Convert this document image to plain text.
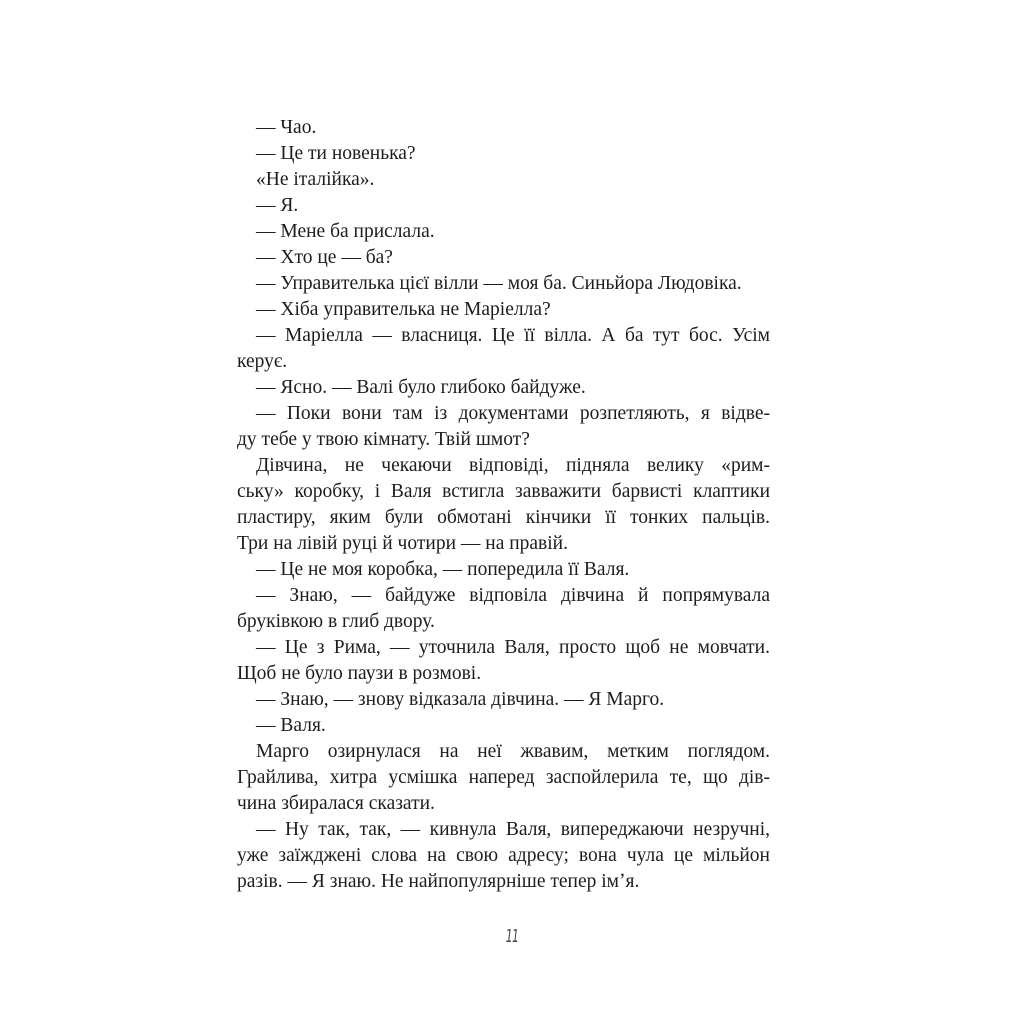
— Чао.
— Це ти новенька?
«Не італійка».
— Я.
— Мене ба прислала.
— Хто це — ба?
— Управителька цієї вілли — моя ба. Синьйора Людовіка.
— Хіба управителька не Маріелла?
— Маріелла — власниця. Це її вілла. А ба тут бос. Усім
керує.
— Ясно. — Валі було глибоко байдуже.
— Поки вони там із документами розпетляють, я відве-
ду тебе у твою кімнату. Твій шмот?
Дівчина, не чекаючи відповіді, підняла велику «рим-
ську» коробку, і Валя встигла завважити барвисті клаптики
пластиру, яким були обмотані кінчики її тонких пальців.
Три на лівій руці й чотири — на правій.
— Це не моя коробка, — попередила її Валя.
— Знаю, — байдуже відповіла дівчина й попрямувала
бруківкою в глиб двору.
— Це з Рима, — уточнила Валя, просто щоб не мовчати.
Щоб не було паузи в розмові.
— Знаю, — знову відказала дівчина. — Я Марго.
— Валя.
Марго озирнулася на неї жвавим, метким поглядом.
Грайлива, хитра усмішка наперед заспойлерила те, що дів-
чина збиралася сказати.
— Ну так, так, — кивнула Валя, випереджаючи незручні,
уже заїжджені слова на свою адресу; вона чула це мільйон
разів. — Я знаю. Не найпопулярніше тепер імʼя.
11
